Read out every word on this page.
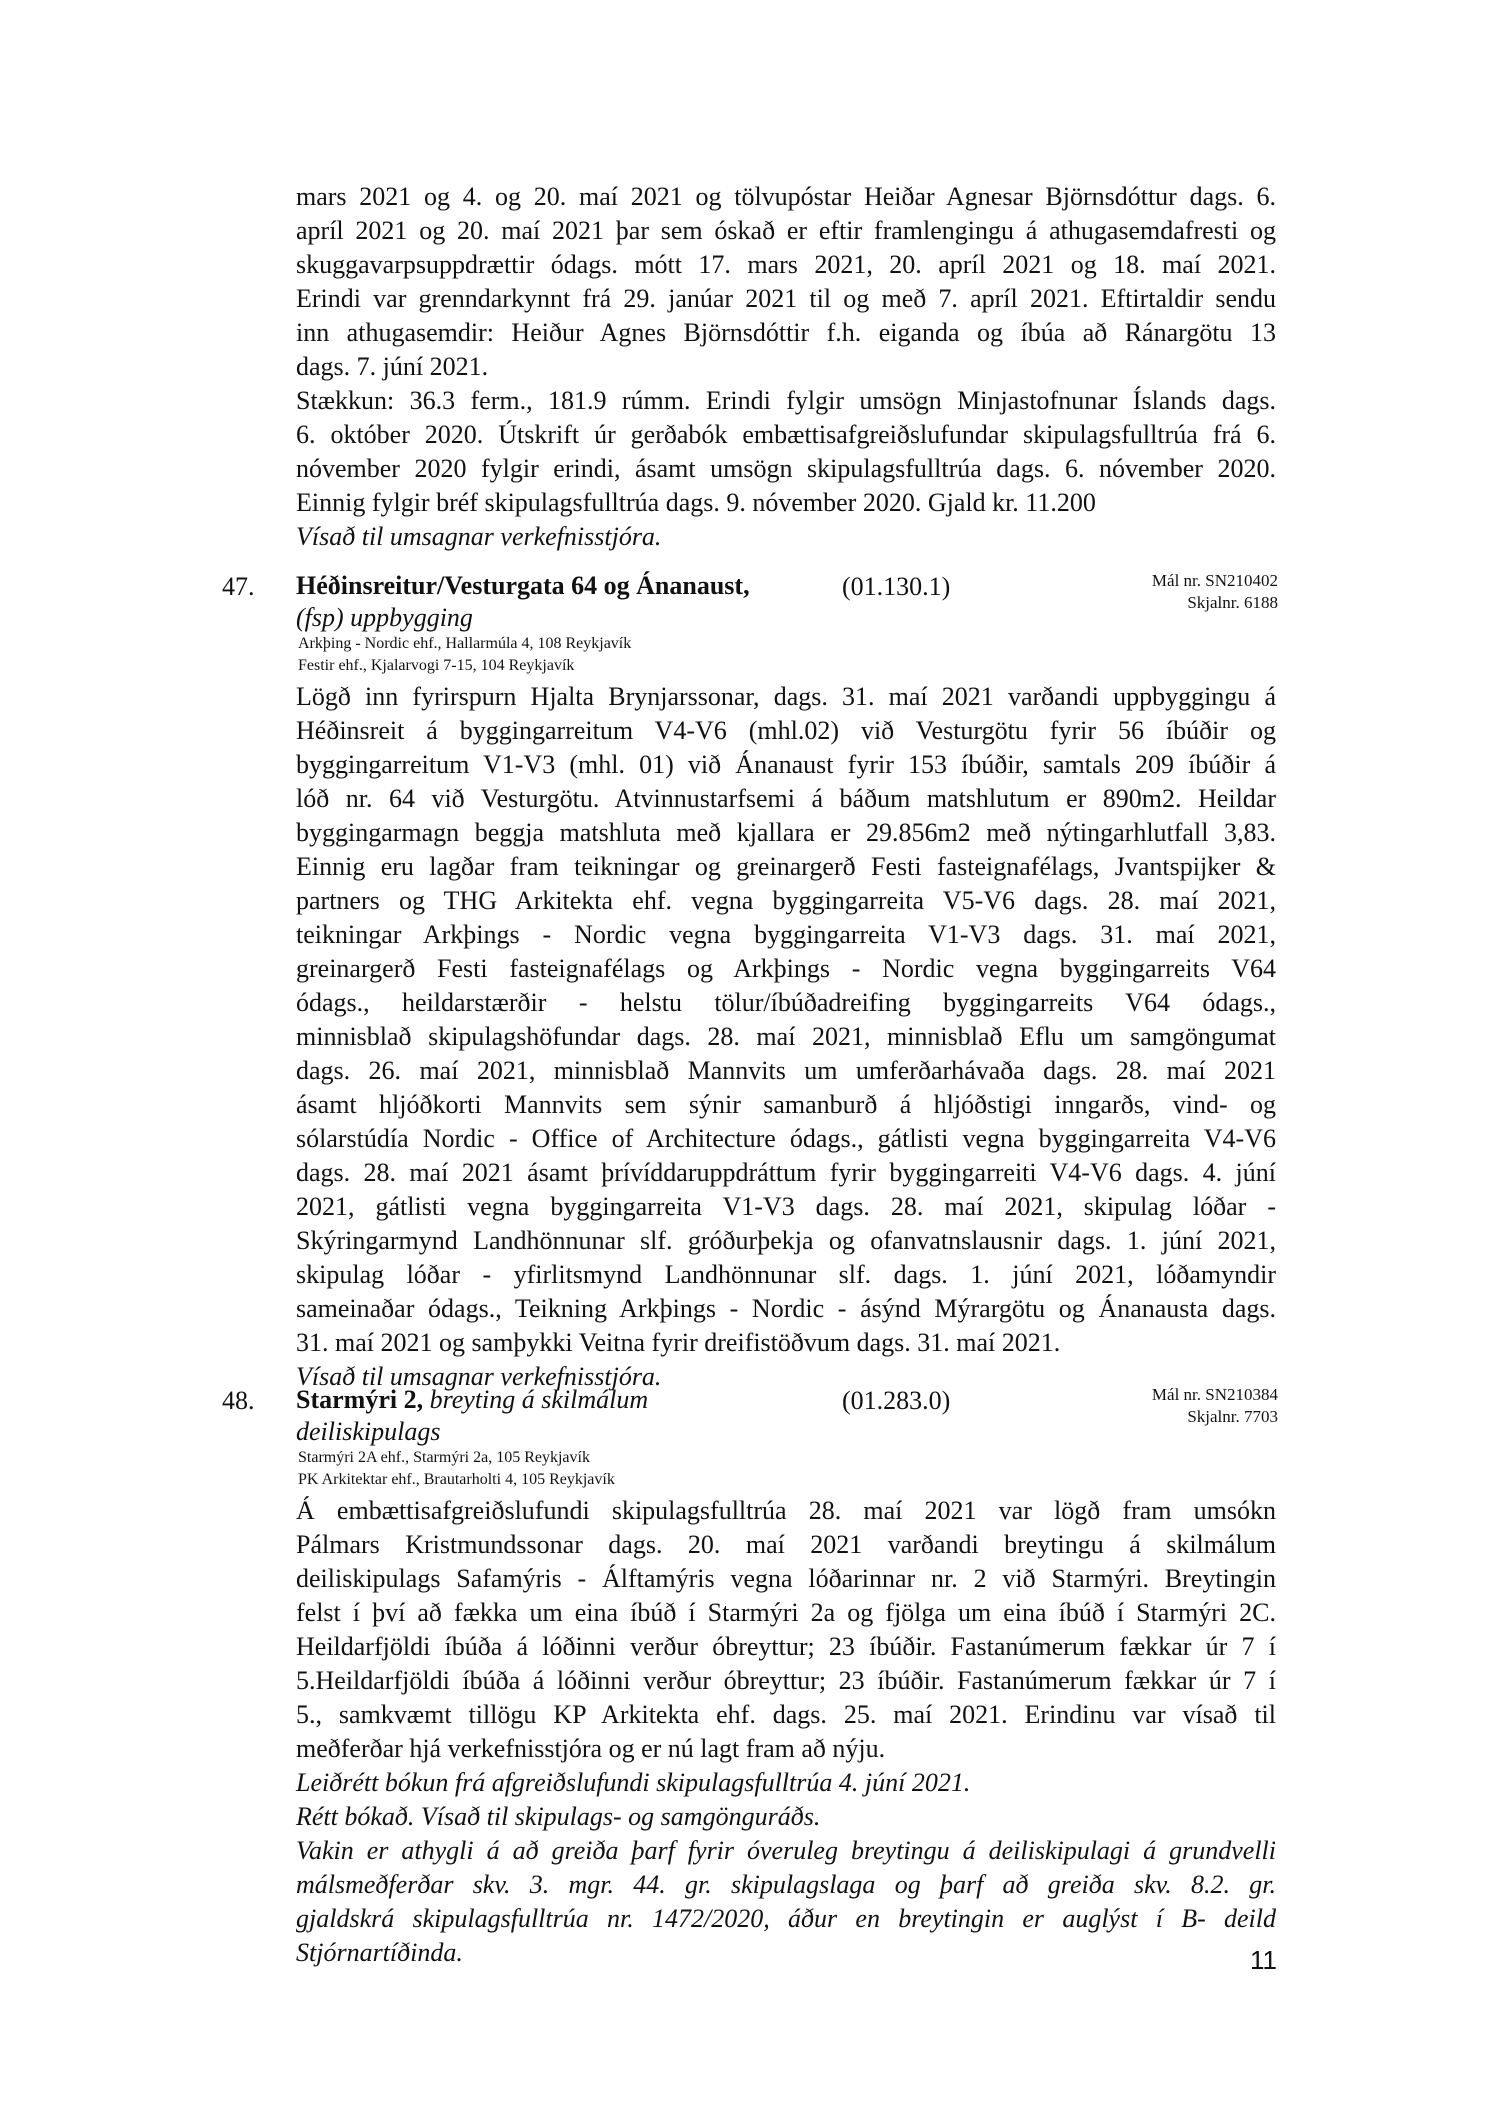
mars 2021 og 4. og 20. maí 2021 og tölvupóstar Heiðar Agnesar Björnsdóttur dags. 6.
apríl 2021 og 20. maí 2021 þar sem óskað er eftir framlengingu á athugasemdafresti og
skuggavarpsuppdrættir ódags. mótt 17. mars 2021, 20. apríl 2021 og 18. maí 2021.
Erindi var grenndarkynnt frá 29. janúar 2021 til og með 7. apríl 2021. Eftirtaldir sendu
inn athugasemdir: Heiður Agnes Björnsdóttir f.h. eiganda og íbúa að Ránargötu 13
dags. 7. júní 2021.
Stækkun: 36.3 ferm., 181.9 rúmm. Erindi fylgir umsögn Minjastofnunar Íslands dags.
6. október 2020. Útskrift úr gerðabók embættisafgreiðslufundar skipulagsfulltrúa frá 6.
nóvember 2020 fylgir erindi, ásamt umsögn skipulagsfulltrúa dags. 6. nóvember 2020.
Einnig fylgir bréf skipulagsfulltrúa dags. 9. nóvember 2020. Gjald kr. 11.200
Vísað til umsagnar verkefnisstjóra.

47. Héðinsreitur/Vesturgata 64 og Ánanaust,
(fsp) uppbygging
(01.130.1)	Mál nr. SN210402
Skjalnr. 6188
Arkþing - Nordic ehf., Hallarmúla 4, 108 Reykjavík
Festir ehf., Kjalarvogi 7-15, 104 Reykjavík

Lögð inn fyrirspurn Hjalta Brynjarssonar, dags. 31. maí 2021 varðandi uppbyggingu á
Héðinsreit á byggingarreitum V4-V6 (mhl.02) við Vesturgötu fyrir 56 íbúðir og
byggingarreitum V1-V3 (mhl. 01) við Ánanaust fyrir 153 íbúðir, samtals 209 íbúðir á
lóð nr. 64 við Vesturgötu. Atvinnustarfsemi á báðum matshlutum er 890m2. Heildar
byggingarmagn beggja matshluta með kjallara er 29.856m2 með nýtingarhlutfall 3,83.
Einnig eru lagðar fram teikningar og greinargerð Festi fasteignafélags, Jvantspijker &
partners og THG Arkitekta ehf. vegna byggingarreita V5-V6 dags. 28. maí 2021,
teikningar Arkþings - Nordic vegna byggingarreita V1-V3 dags. 31. maí 2021,
greinargerð Festi fasteignafélags og Arkþings - Nordic vegna byggingarreits V64
ódags., heildarstærðir - helstu tölur/íbúðadreifing byggingarreits V64 ódags.,
minnisblað skipulagshöfundar dags. 28. maí 2021, minnisblað Eflu um samgöngumat
dags. 26. maí 2021, minnisblað Mannvits um umferðarhávaða dags. 28. maí 2021
ásamt hljóðkorti Mannvits sem sýnir samanburð á hljóðstigi inngarðs, vind- og
sólarstúdía Nordic - Office of Architecture ódags., gátlisti vegna byggingarreita V4-V6
dags. 28. maí 2021 ásamt þrívíddaruppdráttum fyrir byggingarreiti V4-V6 dags. 4. júní
2021, gátlisti vegna byggingarreita V1-V3 dags. 28. maí 2021, skipulag lóðar -
Skýringarmynd Landhönnunar slf. gróðurþekja og ofanvatnslausnir dags. 1. júní 2021,
skipulag lóðar - yfirlitsmynd Landhönnunar slf. dags. 1. júní 2021, lóðamyndir
sameinaðar ódags., Teikning Arkþings - Nordic - ásýnd Mýrargötu og Ánanausta dags.
31. maí 2021 og samþykki Veitna fyrir dreifistöðvum dags. 31. maí 2021.
Vísað til umsagnar verkefnisstjóra.

48. Starmýri 2, breyting á skilmálum
deiliskipulags
(01.283.0)	Mál nr. SN210384
Skjalnr. 7703
Starmýri 2A ehf., Starmýri 2a, 105 Reykjavík
PK Arkitektar ehf., Brautarholti 4, 105 Reykjavík

Á embættisafgreiðslufundi skipulagsfulltrúa 28. maí 2021 var lögð fram umsókn
Pálmars Kristmundssonar dags. 20. maí 2021 varðandi breytingu á skilmálum
deiliskipulags Safamýris - Álftamýris vegna lóðarinnar nr. 2 við Starmýri. Breytingin
felst í því að fækka um eina íbúð í Starmýri 2a og fjölga um eina íbúð í Starmýri 2C.
Heildarfjöldi íbúða á lóðinni verður óbreyttur; 23 íbúðir. Fastanúmerum fækkar úr 7 í
5.Heildarfjöldi íbúða á lóðinni verður óbreyttur; 23 íbúðir. Fastanúmerum fækkar úr 7 í
5., samkvæmt tillögu KP Arkitekta ehf. dags. 25. maí 2021. Erindinu var vísað til
meðferðar hjá verkefnisstjóra og er nú lagt fram að nýju.
Leiðrétt bókun frá afgreiðslufundi skipulagsfulltrúa 4. júní 2021.
Rétt bókað. Vísað til skipulags- og samgönguráðs.
Vakin er athygli á að greiða þarf fyrir óveruleg breytingu á deiliskipulagi á grundvelli
málsmeðferðar skv. 3. mgr. 44. gr. skipulagslaga og þarf að greiða skv. 8.2. gr.
gjaldskrá skipulagsfulltrúa nr. 1472/2020, áður en breytingin er auglýst í B- deild
Stjórnartíðinda.	11
